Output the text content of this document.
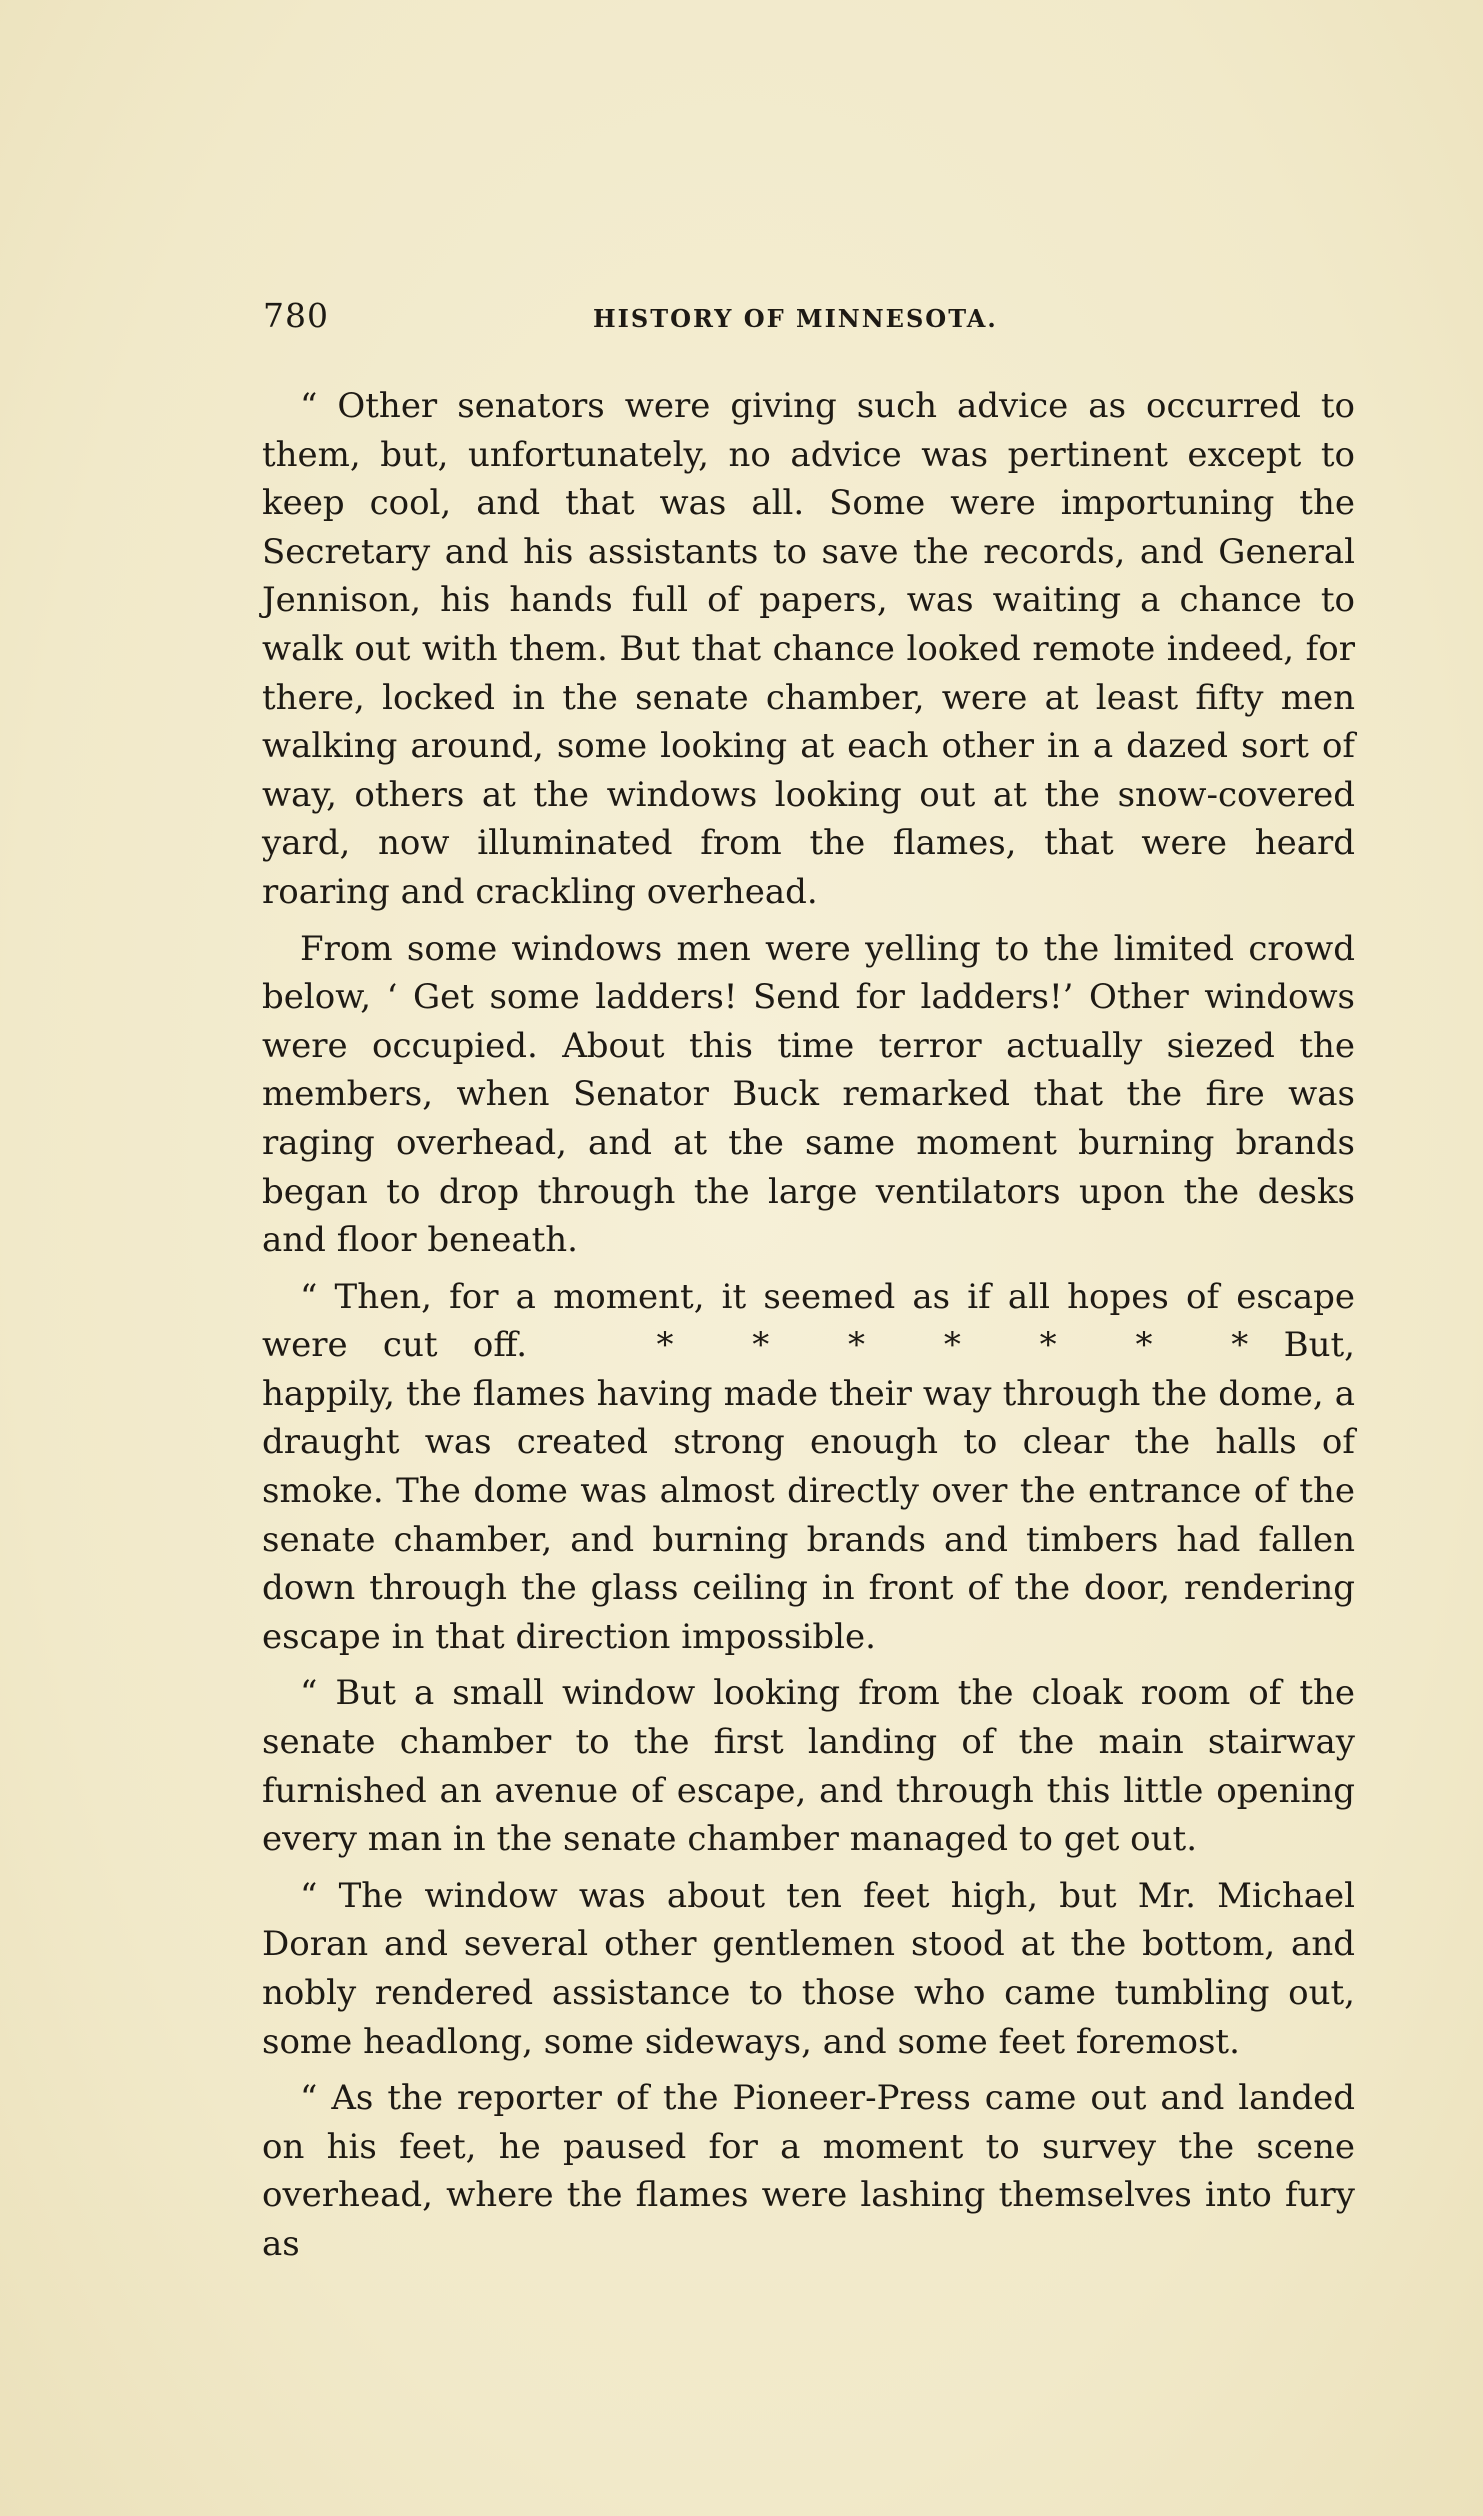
780	HISTORY OF MINNESOTA.

“ Other senators were giving such advice as occurred to them, but, unfortunately, no advice was pertinent except to keep cool, and that was all. Some were importuning the Secretary and his assistants to save the records, and General Jennison, his hands full of papers, was waiting a chance to walk out with them. But that chance looked remote indeed, for there, locked in the senate chamber, were at least fifty men walking around, some looking at each other in a dazed sort of way, others at the windows looking out at the snow-covered yard, now illuminated from the flames, that were heard roaring and crackling overhead.

From some windows men were yelling to the limited crowd below, ‘ Get some ladders! Send for ladders!’ Other windows were occupied. About this time terror actually siezed the members, when Senator Buck remarked that the fire was raging overhead, and at the same moment burning brands began to drop through the large ventilators upon the desks and floor beneath.

“ Then, for a moment, it seemed as if all hopes of escape were cut off.	* * * * * * * But, happily, the flames having made their way through the dome, a draught was created strong enough to clear the halls of smoke. The dome was almost directly over the entrance of the senate chamber, and burning brands and timbers had fallen down through the glass ceiling in front of the door, rendering escape in that direction impossible.

“ But a small window looking from the cloak room of the senate chamber to the first landing of the main stairway furnished an avenue of escape, and through this little opening every man in the senate chamber managed to get out.

“ The window was about ten feet high, but Mr. Michael Doran and several other gentlemen stood at the bottom, and nobly rendered assistance to those who came tumbling out, some headlong, some sideways, and some feet foremost.

“ As the reporter of the Pioneer-Press came out and landed on his feet, he paused for a moment to survey the scene overhead, where the flames were lashing themselves into fury as
